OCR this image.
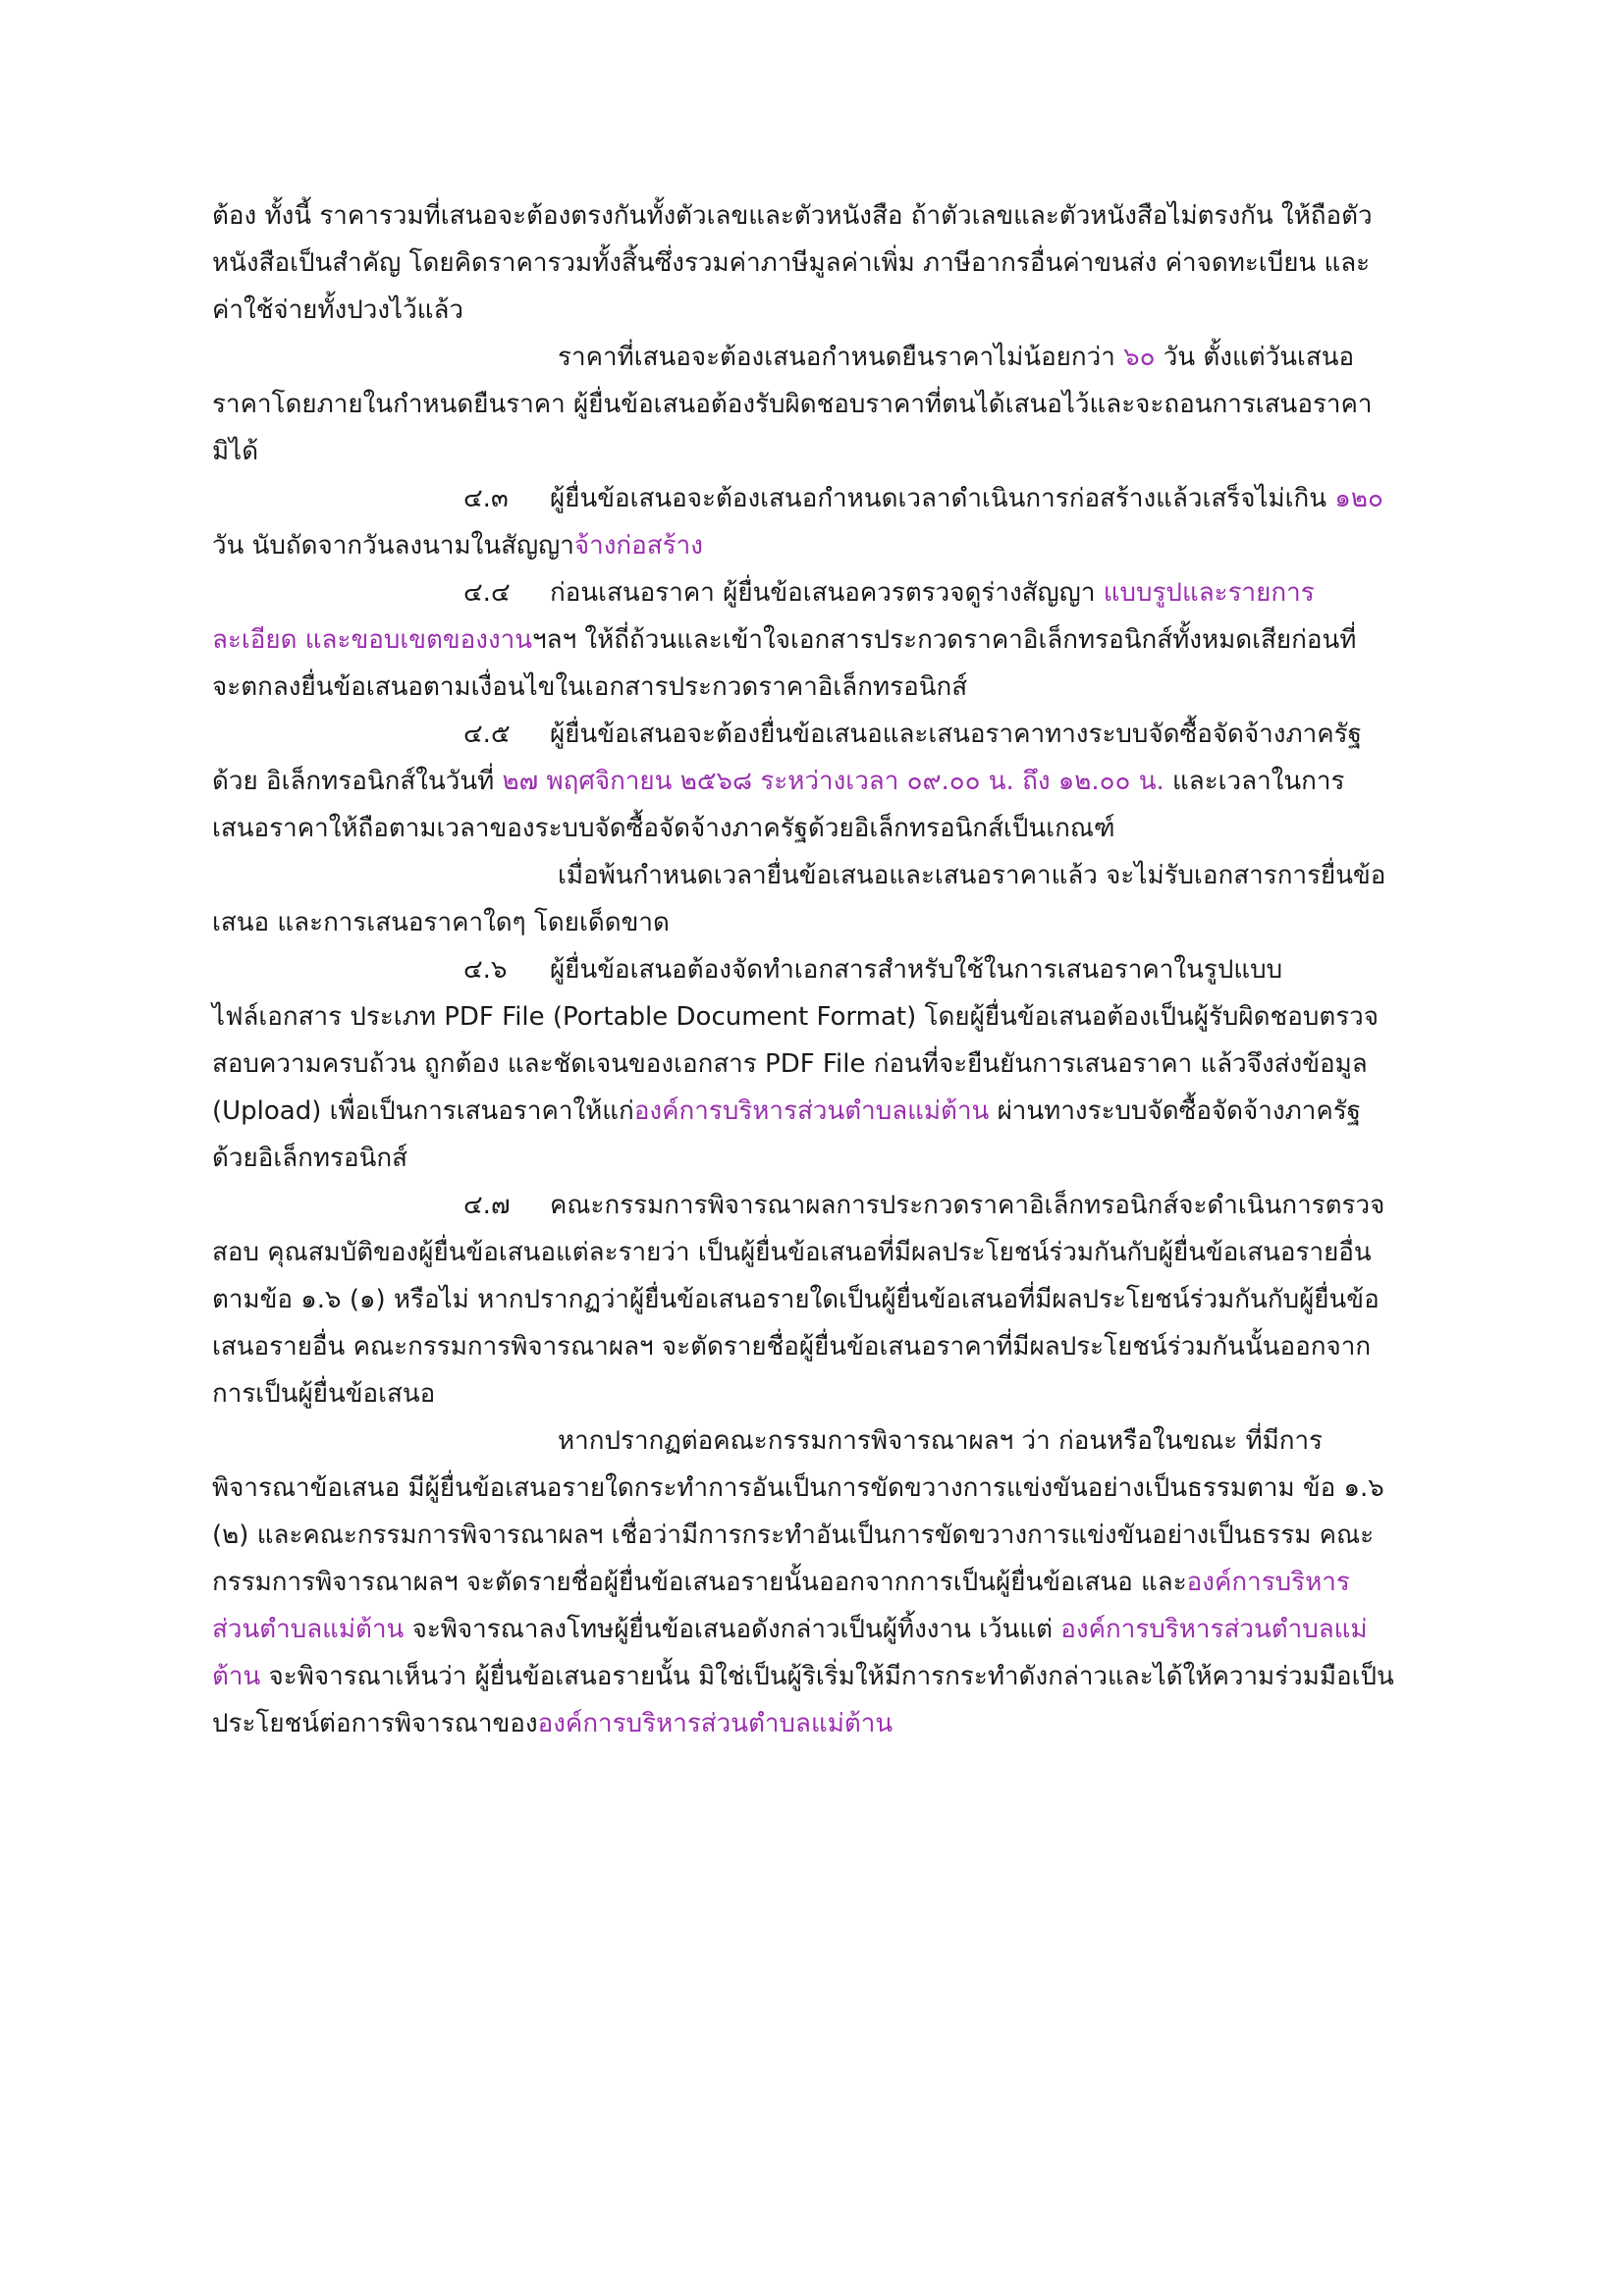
ต้อง ทั้งนี้ ราคารวมที่เสนอจะต้องตรงกันทั้งตัวเลขและตัวหนังสือ ถ้าตัวเลขและตัวหนังสือไม่ตรงกัน ให้ถือตัว
หนังสือเป็นสำคัญ โดยคิดราคารวมทั้งสิ้นซึ่งรวมค่าภาษีมูลค่าเพิ่ม ภาษีอากรอื่นค่าขนส่ง ค่าจดทะเบียน และ
ค่าใช้จ่ายทั้งปวงไว้แล้ว
ราคาที่เสนอจะต้องเสนอกำหนดยืนราคาไม่น้อยกว่า ๖๐ วัน ตั้งแต่วันเสนอ
ราคาโดยภายในกำหนดยืนราคา ผู้ยื่นข้อเสนอต้องรับผิดชอบราคาที่ตนได้เสนอไว้และจะถอนการเสนอราคา
มิได้
๔.๓ ผู้ยื่นข้อเสนอจะต้องเสนอกำหนดเวลาดำเนินการก่อสร้างแล้วเสร็จไม่เกิน ๑๒๐
วัน นับถัดจากวันลงนามในสัญญาจ้างก่อสร้าง
๔.๔ ก่อนเสนอราคา ผู้ยื่นข้อเสนอควรตรวจดูร่างสัญญา แบบรูปและรายการ
ละเอียด และขอบเขตของงานฯลฯ ให้ถี่ถ้วนและเข้าใจเอกสารประกวดราคาอิเล็กทรอนิกส์ทั้งหมดเสียก่อนที่
จะตกลงยื่นข้อเสนอตามเงื่อนไขในเอกสารประกวดราคาอิเล็กทรอนิกส์
๔.๕ ผู้ยื่นข้อเสนอจะต้องยื่นข้อเสนอและเสนอราคาทางระบบจัดซื้อจัดจ้างภาครัฐ
ด้วย อิเล็กทรอนิกส์ในวันที่ ๒๗ พฤศจิกายน ๒๕๖๘ ระหว่างเวลา ๐๙.๐๐ น. ถึง ๑๒.๐๐ น. และเวลาในการ
เสนอราคาให้ถือตามเวลาของระบบจัดซื้อจัดจ้างภาครัฐด้วยอิเล็กทรอนิกส์เป็นเกณฑ์
เมื่อพ้นกำหนดเวลายื่นข้อเสนอและเสนอราคาแล้ว จะไม่รับเอกสารการยื่นข้อ
เสนอ และการเสนอราคาใดๆ โดยเด็ดขาด
๔.๖ ผู้ยื่นข้อเสนอต้องจัดทำเอกสารสำหรับใช้ในการเสนอราคาในรูปแบบ
ไฟล์เอกสาร ประเภท PDF File (Portable Document Format) โดยผู้ยื่นข้อเสนอต้องเป็นผู้รับผิดชอบตรวจ
สอบความครบถ้วน ถูกต้อง และชัดเจนของเอกสาร PDF File ก่อนที่จะยืนยันการเสนอราคา แล้วจึงส่งข้อมูล
(Upload) เพื่อเป็นการเสนอราคาให้แก่องค์การบริหารส่วนตำบลแม่ต้าน ผ่านทางระบบจัดซื้อจัดจ้างภาครัฐ
ด้วยอิเล็กทรอนิกส์
๔.๗ คณะกรรมการพิจารณาผลการประกวดราคาอิเล็กทรอนิกส์จะดำเนินการตรวจ
สอบ คุณสมบัติของผู้ยื่นข้อเสนอแต่ละรายว่า เป็นผู้ยื่นข้อเสนอที่มีผลประโยชน์ร่วมกันกับผู้ยื่นข้อเสนอรายอื่น
ตามข้อ ๑.๖ (๑) หรือไม่ หากปรากฏว่าผู้ยื่นข้อเสนอรายใดเป็นผู้ยื่นข้อเสนอที่มีผลประโยชน์ร่วมกันกับผู้ยื่นข้อ
เสนอรายอื่น คณะกรรมการพิจารณาผลฯ จะตัดรายชื่อผู้ยื่นข้อเสนอราคาที่มีผลประโยชน์ร่วมกันนั้นออกจาก
การเป็นผู้ยื่นข้อเสนอ
หากปรากฏต่อคณะกรรมการพิจารณาผลฯ ว่า ก่อนหรือในขณะ ที่มีการ
พิจารณาข้อเสนอ มีผู้ยื่นข้อเสนอรายใดกระทำการอันเป็นการขัดขวางการแข่งขันอย่างเป็นธรรมตาม ข้อ ๑.๖
(๒) และคณะกรรมการพิจารณาผลฯ เชื่อว่ามีการกระทำอันเป็นการขัดขวางการแข่งขันอย่างเป็นธรรม คณะ
กรรมการพิจารณาผลฯ จะตัดรายชื่อผู้ยื่นข้อเสนอรายนั้นออกจากการเป็นผู้ยื่นข้อเสนอ และองค์การบริหาร
ส่วนตำบลแม่ต้าน จะพิจารณาลงโทษผู้ยื่นข้อเสนอดังกล่าวเป็นผู้ทิ้งงาน เว้นแต่ องค์การบริหารส่วนตำบลแม่
ต้าน จะพิจารณาเห็นว่า ผู้ยื่นข้อเสนอรายนั้น มิใช่เป็นผู้ริเริ่มให้มีการกระทำดังกล่าวและได้ให้ความร่วมมือเป็น
ประโยชน์ต่อการพิจารณาขององค์การบริหารส่วนตำบลแม่ต้าน
